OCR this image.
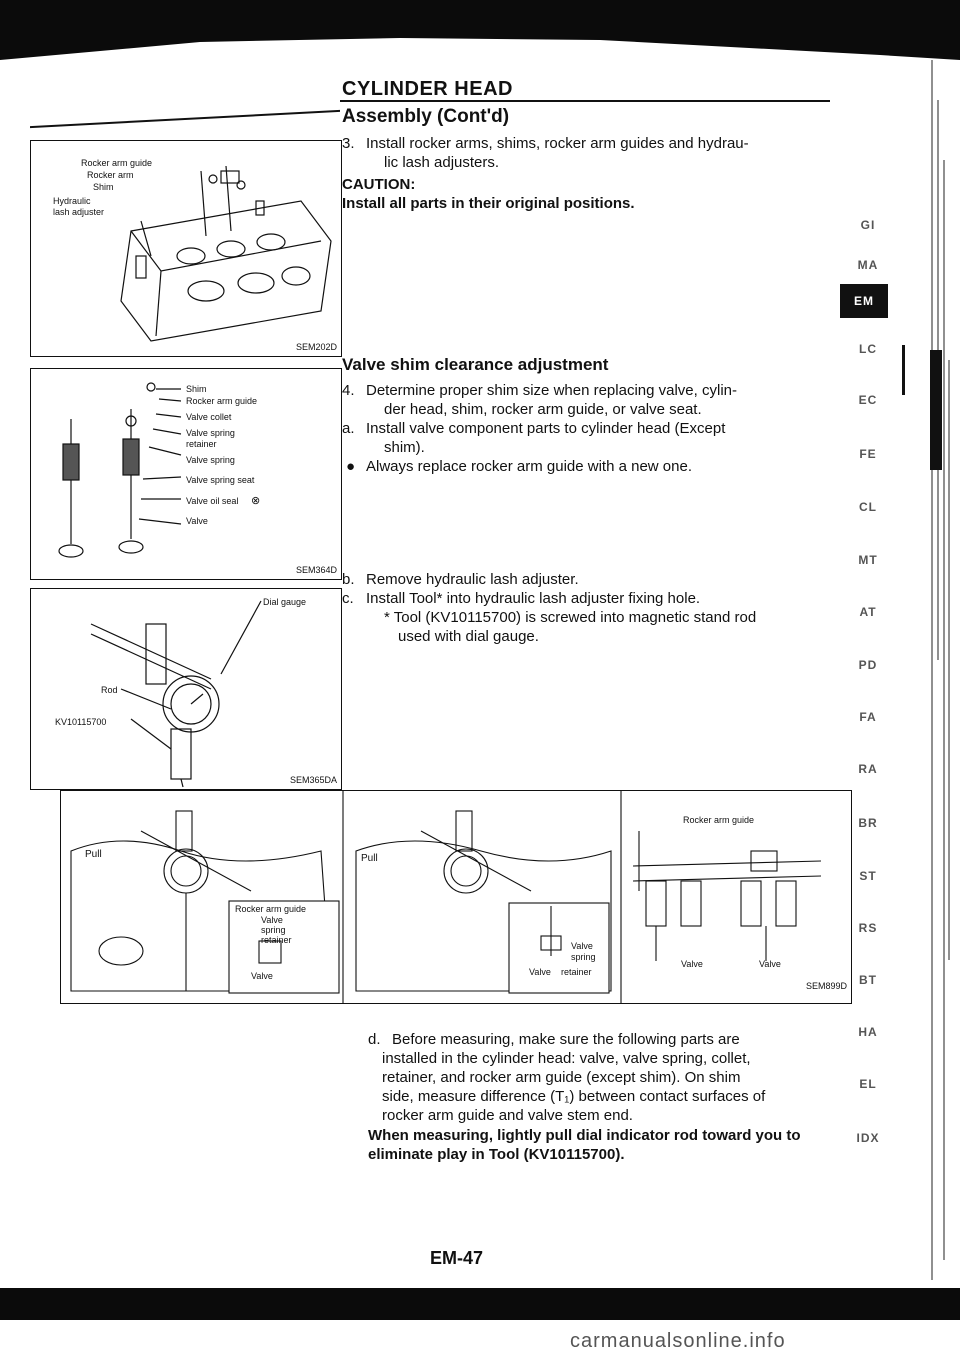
CYLINDER HEAD
Assembly (Cont'd)
3. Install rocker arms, shims, rocker arm guides and hydrau-
lic lash adjusters.
CAUTION:
Install all parts in their original positions.
Valve shim clearance adjustment
4. Determine proper shim size when replacing valve, cylin-
der head, shim, rocker arm guide, or valve seat.
a. Install valve component parts to cylinder head (Except
shim).
● Always replace rocker arm guide with a new one.
b. Remove hydraulic lash adjuster.
c. Install Tool* into hydraulic lash adjuster fixing hole.
* Tool (KV10115700) is screwed into magnetic stand rod
used with dial gauge.
d. Before measuring, make sure the following parts are
installed in the cylinder head: valve, valve spring, collet,
retainer, and rocker arm guide (except shim). On shim
side, measure difference (T₁) between contact surfaces of
rocker arm guide and valve stem end.
When measuring, lightly pull dial indicator rod toward you to
eliminate play in Tool (KV10115700).
Rocker arm guide
Rocker arm
Shim
Hydraulic
lash adjuster
SEM202D
Shim
Rocker arm guide
Valve collet
Valve spring
retainer
Valve spring
Valve spring seat
Valve oil seal ⊗
Valve
SEM364D
Dial gauge
Rod
KV10115700
SEM365DA
Pull
Rocker arm guide
Valve
spring
retainer
Valve
Pull
Valve
spring
Valve retainer
Rocker arm guide
Valve	Valve
SEM899D
GI
MA
EM
LC
EC
FE
CL
MT
AT
PD
FA
RA
BR
ST
RS
BT
HA
EL
IDX
EM-47
carmanualsonline.info
